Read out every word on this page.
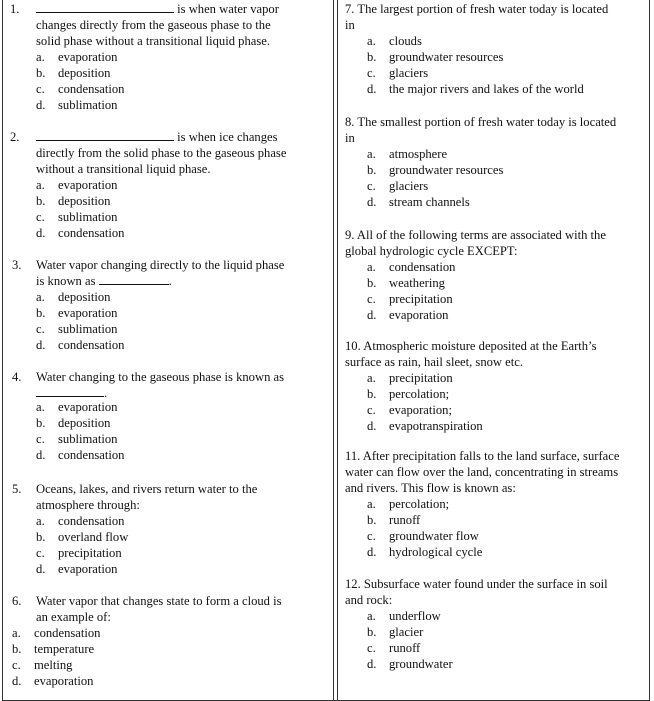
1.	is when water vapor
changes directly from the gaseous phase to the
solid phase without a transitional liquid phase.
a. evaporation
b. deposition
c. condensation
d. sublimation
2.	is when ice changes
directly from the solid phase to the gaseous phase
without a transitional liquid phase.
a. evaporation
b. deposition
c. sublimation
d. condensation
3. Water vapor changing directly to the liquid phase
is known as	.
a. deposition
b. evaporation
c. sublimation
d. condensation
4. Water changing to the gaseous phase is known as
.
a. evaporation
b. deposition
c. sublimation
d. condensation
5. Oceans, lakes, and rivers return water to the
atmosphere through:
a. condensation
b. overland flow
c. precipitation
d. evaporation
6. Water vapor that changes state to form a cloud is
an example of:
a. condensation
b. temperature
c. melting
d. evaporation
7. The largest portion of fresh water today is located
in
a. clouds
b. groundwater resources
c. glaciers
d. the major rivers and lakes of the world
8. The smallest portion of fresh water today is located
in
a. atmosphere
b. groundwater resources
c. glaciers
d. stream channels
9. All of the following terms are associated with the
global hydrologic cycle EXCEPT:
a. condensation
b. weathering
c. precipitation
d. evaporation
10. Atmospheric moisture deposited at the Earth’s
surface as rain, hail sleet, snow etc.
a. precipitation
b. percolation;
c. evaporation;
d. evapotranspiration
11. After precipitation falls to the land surface, surface
water can flow over the land, concentrating in streams
and rivers. This flow is known as:
a. percolation;
b. runoff
c. groundwater flow
d. hydrological cycle
12. Subsurface water found under the surface in soil
and rock:
a. underflow
b. glacier
c. runoff
d. groundwater
